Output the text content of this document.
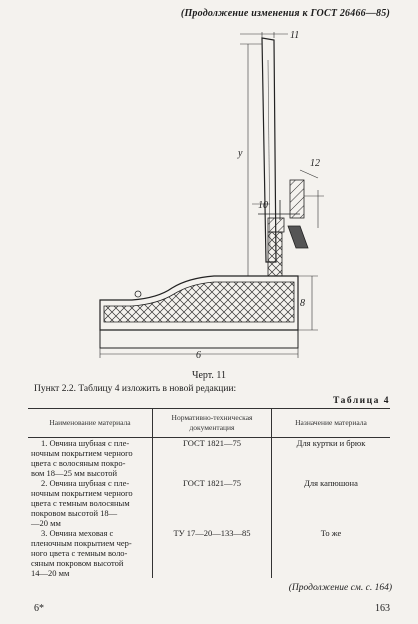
(Продолжение изменения к ГОСТ 26466—85)
11
у
12
10
8
6
Черт. 11
Пункт 2.2. Таблицу 4 изложить в новой редакции:
Таблица 4
Наименование материала	Нормативно-техническая документация	Назначение материала

1. Овчина шубная с пле-
ночным покрытием черного
цвета с волосяным покро-
вом 18—25 мм высотой	ГОСТ 1821—75	Для куртки и брюк

2. Овчина шубная с пле-
ночным покрытием черного
цвета с темным волосяным
покровом высотой 18—
—20 мм	ГОСТ 1821—75	Для капюшона

3. Овчина меховая с
пленочным покрытием чер-
ного цвета с темным воло-
сяным покровом высотой
14—20 мм	ТУ 17—20—133—85	То же
(Продолжение см. с. 164)
6*	163
